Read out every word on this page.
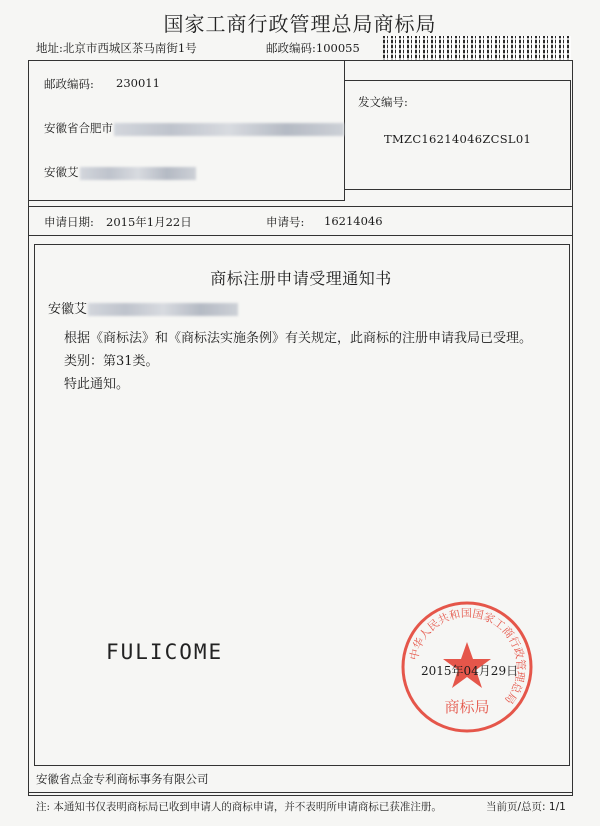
国家工商行政管理总局商标局
地址:北京市西城区茶马南街1号	邮政编码:100055
邮政编码: 230011
安徽省合肥市
安徽艾
发文编号:
TMZC16214046ZCSL01
申请日期: 2015年1月22日	申请号: 16214046
商标注册申请受理通知书
安徽艾
根据《商标法》和《商标法实施条例》有关规定，此商标的注册申请我局已受理。
类别：第31类。
特此通知。
FULICOME	中华人民共和国国家工商行政管理总局
商标局
2015年04月29日
安徽省点金专利商标事务有限公司
注: 本通知书仅表明商标局已收到申请人的商标申请，并不表明所申请商标已获准注册。	当前页/总页: 1/1
